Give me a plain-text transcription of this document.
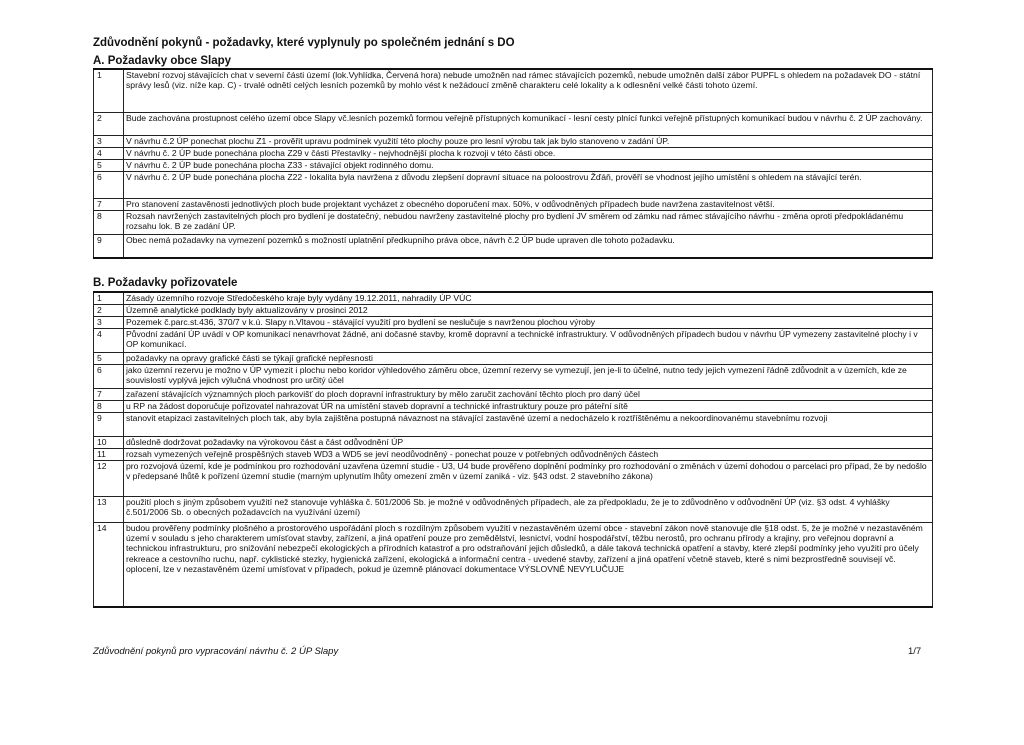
Zdůvodnění pokynů - požadavky, které vyplynuly po společném jednání s DO
A. Požadavky obce Slapy
1	Stavební rozvoj stávajících chat v severní části území (lok.Vyhlídka, Červená hora) nebude umožněn nad rámec stávajících pozemků, nebude umožněn další zábor PUPFL s ohledem na požadavek DO - státní správy lesů (viz. níže kap. C) - trvalé odnětí celých lesních pozemků by mohlo vést k nežádoucí změně charakteru celé lokality a k odlesnění velké části tohoto území.
2	Bude zachována prostupnost celého území obce Slapy vč.lesních pozemků formou veřejně přístupných komunikací - lesní cesty plnící funkci veřejně přístupných komunikací budou v návrhu č. 2 ÚP zachovány.
3	V návrhu č.2 ÚP ponechat plochu Z1 - prověřit upravu podmínek využití této plochy pouze pro lesní výrobu tak jak bylo stanoveno v zadání ÚP.
4	V návrhu č. 2 ÚP bude ponechána plocha Z29 v části Přestavlky - nejvhodnější plocha k rozvoji v této části obce.
5	V návrhu č. 2 ÚP bude ponechána plocha Z33 - stávající objekt rodinného domu.
6	V návrhu č. 2 ÚP bude ponechána plocha Z22 - lokalita byla navržena z důvodu zlepšení dopravní situace na poloostrovu Žďáň, prověří se vhodnost jejího umístění s ohledem na stávající terén.
7	Pro stanovení zastavěnosti jednotlivých ploch bude projektant vycházet z obecného doporučení max. 50%, v odůvodněných případech bude navržena zastavitelnost větší.
8	Rozsah navržených zastavitelných ploch pro bydlení je dostatečný, nebudou navrženy zastavitelné plochy pro bydlení JV směrem od zámku nad rámec stávajícího návrhu - změna oproti předpokládanému rozsahu lok. B ze zadání ÚP.
9	Obec nemá požadavky na vymezení pozemků s možností uplatnění předkupního práva obce, návrh č.2 ÚP bude upraven dle tohoto požadavku.
B. Požadavky pořizovatele
1	Zásady územního rozvoje Středočeského kraje byly vydány 19.12.2011, nahradily ÚP VÚC
2	Územně analytické podklady byly aktualizovány v prosinci 2012
3	Pozemek č.parc.st.436, 370/7 v k.ú. Slapy n.Vltavou - stávající využití pro bydlení se neslučuje s navrženou plochou výroby
4	Původní zadání ÚP uvádí v OP komunikací nenavrhovat žádné, ani dočasné stavby, kromě dopravní a technické infrastruktury. V odůvodněných případech budou v návrhu ÚP vymezeny zastavitelné plochy i v OP komunikací.
5	požadavky na opravy grafické části se týkají grafické nepřesnosti
6	jako územní rezervu je možno v ÚP vymezit i plochu nebo koridor výhledového záměru obce, územní rezervy se vymezují, jen je-li to účelné, nutno tedy jejich vymezení řádně zdůvodnit a v územích, kde ze souvislostí vyplývá jejich výlučná vhodnost pro určitý účel
7	zařazení stávajících významných ploch parkovišť do ploch dopravní infrastruktury by mělo zaručit zachování těchto ploch pro daný účel
8	u RP na žádost doporučuje pořizovatel nahrazovat ÚR na umístění staveb dopravní a technické infrastruktury pouze pro páteřní sítě
9	stanovit etapizaci zastavitelných ploch tak, aby byla zajištěna postupná návaznost na stávající zastavěné území a nedocházelo k roztříštěnému a nekoordinovanému stavebnímu rozvoji
10	důsledně dodržovat požadavky na výrokovou část a část odůvodnění ÚP
11	rozsah vymezených veřejně prospěšných staveb WD3 a WD5 se jeví neodůvodněný - ponechat pouze v potřebných odůvodněných částech
12	pro rozvojová území, kde je podmínkou pro rozhodování uzavřena územní studie - U3, U4 bude prověřeno doplnění podmínky pro rozhodování o změnách v území dohodou o parcelaci pro případ, že by nedošlo v předepsané lhůtě k pořízení územní studie (marným uplynutím lhůty omezení změn v území zaniká - viz. §43 odst. 2 stavebního zákona)
13	použití ploch s jiným způsobem využití než stanovuje vyhláška č. 501/2006 Sb. je možné v odůvodněných případech, ale za předpokladu, že je to zdůvodněno v odůvodnění ÚP (viz. §3 odst. 4 vyhlášky č.501/2006 Sb. o obecných požadavcích na využívání území)
14	budou prověřeny podmínky plošného a prostorového uspořádání ploch s rozdílným způsobem využití v nezastavěném území obce - stavební zákon nově stanovuje dle §18 odst. 5, že je možné v nezastavěném území v souladu s jeho charakterem umísťovat stavby, zařízení, a jiná opatření pouze pro zemědělství, lesnictví, vodní hospodářství, těžbu nerostů, pro ochranu přírody a krajiny, pro veřejnou dopravní a technickou infrastrukturu, pro snižování nebezpečí ekologických a přírodních katastrof a pro odstraňování jejich důsledků, a dále taková technická opatření a stavby, které zlepší podmínky jeho využití pro účely rekreace a cestovního ruchu, např. cyklistické stezky, hygienická zařízení, ekologická a informační centra - uvedené stavby, zařízení a jiná opatření včetně staveb, které s nimi bezprostředně souvisejí vč. oplocení, lze v nezastavěném území umísťovat v případech, pokud je územně plánovací dokumentace VÝSLOVNĚ NEVYLUČUJE
Zdůvodnění pokynů pro vypracování návrhu č. 2 ÚP Slapy	1/7
